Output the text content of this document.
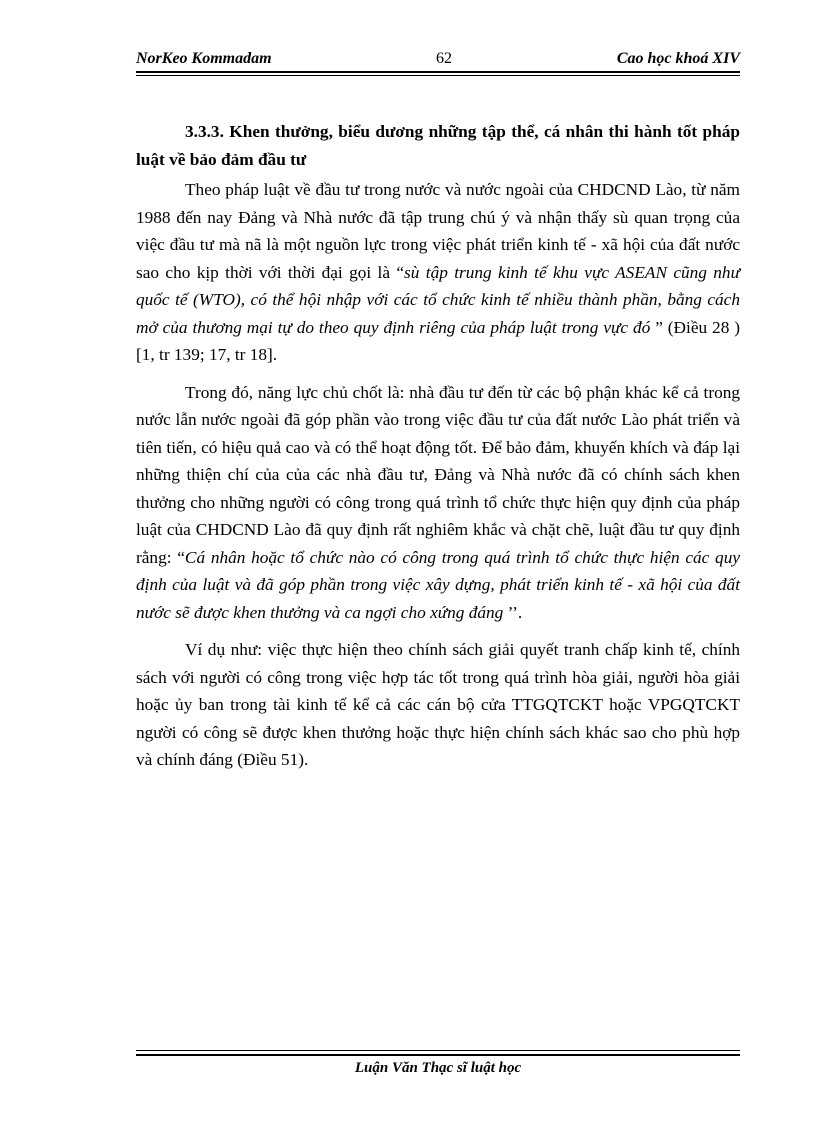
NorKeo Kommadam	62	Cao học khoá XIV

3.3.3. Khen thưởng, biểu dương những tập thể, cá nhân thi hành tốt pháp luật về bảo đảm đầu tư

Theo pháp luật về đầu tư trong nước và nước ngoài của CHDCND Lào, từ năm 1988 đến nay Đảng và Nhà nước đã tập trung chú ý và nhận thấy sù quan trọng của việc đầu tư mà nã là một nguồn lực trong việc phát triển kinh tế - xã hội của đất nước sao cho kịp thời với thời đại gọi là “sù tập trung kinh tế khu vực ASEAN cũng như quốc tế (WTO), có thể hội nhập với các tổ chức kinh tế nhiều thành phần, bằng cách mở của thương mại tự do theo quy định riêng của pháp luật trong vực đó ” (Điều 28 ) [1, tr 139; 17, tr 18].

Trong đó, năng lực chủ chốt là: nhà đầu tư đến từ các bộ phận khác kể cả trong nước lẫn nước ngoài đã góp phần vào trong việc đầu tư của đất nước Lào phát triển và tiên tiến, có hiệu quả cao và có thể hoạt động tốt. Để bảo đảm, khuyến khích và đáp lại những thiện chí của của các nhà đầu tư, Đảng và Nhà nước đã có chính sách khen thưởng cho những người có công trong quá trình tổ chức thực hiện quy định của pháp luật của CHDCND Lào đã quy định rất nghiêm khắc và chặt chẽ, luật đầu tư quy định rằng: “Cá nhân hoặc tổ chức nào có công trong quá trình tổ chức thực hiện các quy định của luật và đã góp phần trong việc xây dựng, phát triển kinh tế - xã hội của đất nước sẽ được khen thưởng và ca ngợi cho xứng đáng ’’.

Ví dụ như: việc thực hiện theo chính sách giải quyết tranh chấp kinh tế, chính sách với người có công trong việc hợp tác tốt trong quá trình hòa giải, người hòa giải hoặc ủy ban trong tài kinh tế kể cả các cán bộ cửa TTGQTCKT hoặc VPGQTCKT người có công sẽ được khen thưởng hoặc thực hiện chính sách khác sao cho phù hợp và chính đáng (Điều 51).

Luận Văn Thạc sĩ luật học
